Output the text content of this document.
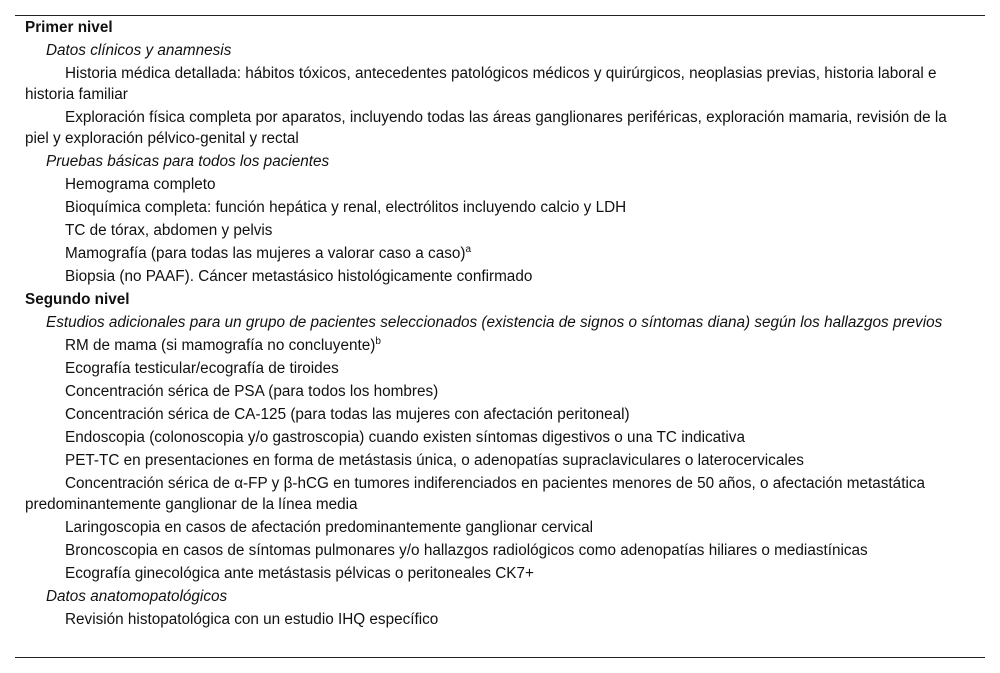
Primer nivel
Datos clínicos y anamnesis
Historia médica detallada: hábitos tóxicos, antecedentes patológicos médicos y quirúrgicos, neoplasias previas, historia laboral e historia familiar
Exploración física completa por aparatos, incluyendo todas las áreas ganglionares periféricas, exploración mamaria, revisión de la piel y exploración pélvico-genital y rectal
Pruebas básicas para todos los pacientes
Hemograma completo
Bioquímica completa: función hepática y renal, electrólitos incluyendo calcio y LDH
TC de tórax, abdomen y pelvis
Mamografía (para todas las mujeres a valorar caso a caso)$^a$
Biopsia (no PAAF). Cáncer metastásico histológicamente confirmado
Segundo nivel
Estudios adicionales para un grupo de pacientes seleccionados (existencia de signos o síntomas diana) según los hallazgos previos
RM de mama (si mamografía no concluyente)$^b$
Ecografía testicular/ecografía de tiroides
Concentración sérica de PSA (para todos los hombres)
Concentración sérica de CA-125 (para todas las mujeres con afectación peritoneal)
Endoscopia (colonoscopia y/o gastroscopia) cuando existen síntomas digestivos o una TC indicativa
PET-TC en presentaciones en forma de metástasis única, o adenopatías supraclaviculares o laterocervicales
Concentración sérica de α-FP y β-hCG en tumores indiferenciados en pacientes menores de 50 años, o afectación metastática predominantemente ganglionar de la línea media
Laringoscopia en casos de afectación predominantemente ganglionar cervical
Broncoscopia en casos de síntomas pulmonares y/o hallazgos radiológicos como adenopatías hiliares o mediastínicas
Ecografía ginecológica ante metástasis pélvicas o peritoneales CK7+
Datos anatomopatológicos
Revisión histopatológica con un estudio IHQ específico
